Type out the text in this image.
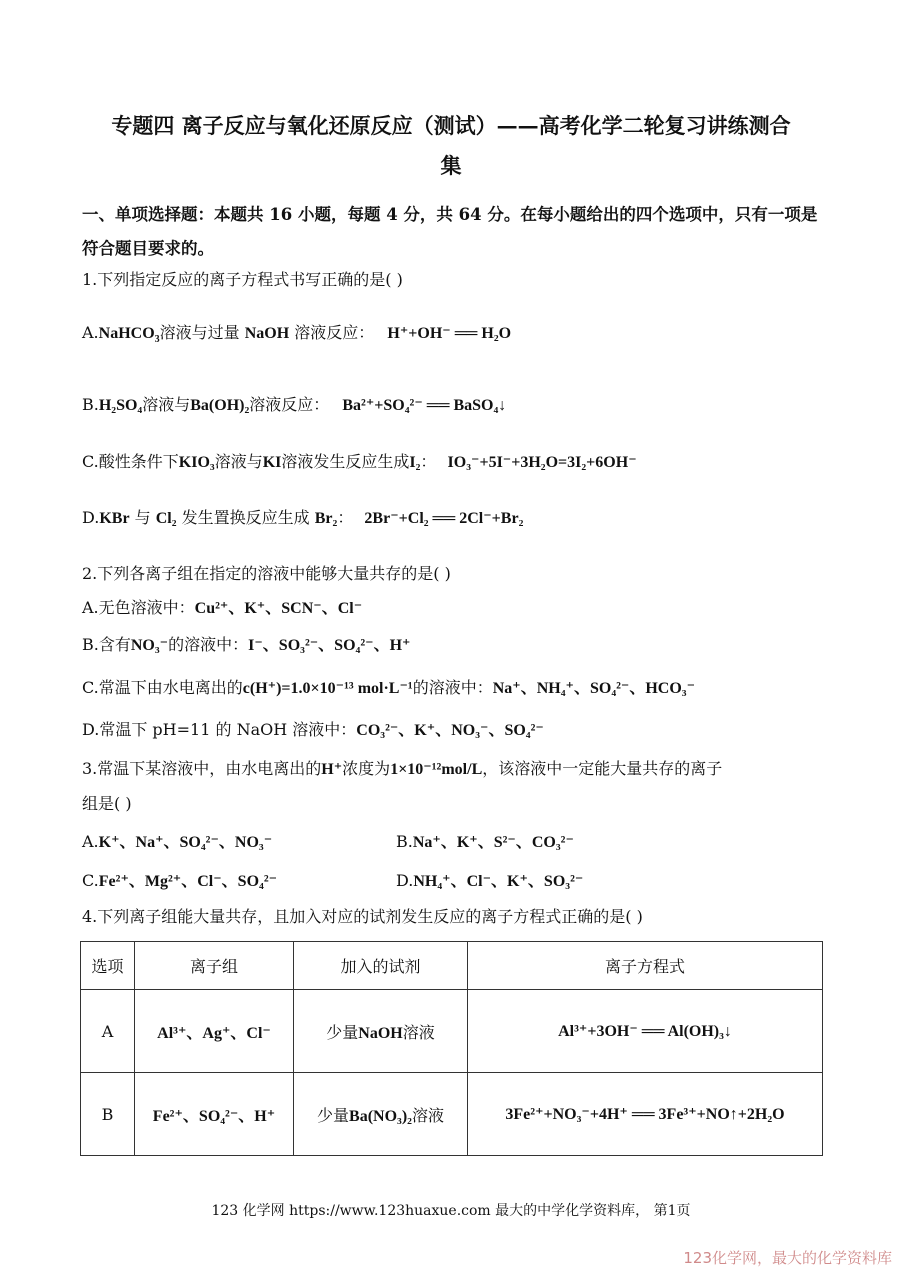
专题四 离子反应与氧化还原反应（测试）——高考化学二轮复习讲练测合
集
一、单项选择题：本题共 16 小题，每题 4 分，共 64 分。在每小题给出的四个选项中，只有一项是符合题目要求的。
1.下列指定反应的离子方程式书写正确的是( )
A.NaHCO$_3$溶液与过量 NaOH 溶液反应： H⁺+OH⁻ ══ H₂O
B.H₂SO₄溶液与Ba(OH)₂溶液反应： Ba²⁺+SO₄²⁻ ══ BaSO₄↓
C.酸性条件下KIO₃溶液与KI溶液发生反应生成I₂： IO₃⁻+5I⁻+3H₂O=3I₂+6OH⁻
D.KBr 与 Cl₂ 发生置换反应生成 Br₂： 2Br⁻+Cl₂ ══ 2Cl⁻+Br₂
2.下列各离子组在指定的溶液中能够大量共存的是( )
A.无色溶液中：Cu²⁺、K⁺、SCN⁻、Cl⁻
B.含有NO₃⁻的溶液中：I⁻、SO₃²⁻、SO₄²⁻、H⁺
C.常温下由水电离出的c(H⁺)=1.0×10⁻¹³ mol·L⁻¹的溶液中：Na⁺、NH₄⁺、SO₄²⁻、HCO₃⁻
D.常温下 pH=11 的 NaOH 溶液中：CO₃²⁻、K⁺、NO₃⁻、SO₄²⁻
3.常温下某溶液中，由水电离出的H⁺浓度为1×10⁻¹²mol/L，该溶液中一定能大量共存的离子
组是( )
A.K⁺、Na⁺、SO₄²⁻、NO₃⁻	B.Na⁺、K⁺、S²⁻、CO₃²⁻
C.Fe²⁺、Mg²⁺、Cl⁻、SO₄²⁻	D.NH₄⁺、Cl⁻、K⁺、SO₃²⁻
4.下列离子组能大量共存，且加入对应的试剂发生反应的离子方程式正确的是( )
选项	离子组	加入的试剂	离子方程式
A	Al³⁺、Ag⁺、Cl⁻	少量NaOH溶液	Al³⁺+3OH⁻ ══ Al(OH)₃↓
B	Fe²⁺、SO₄²⁻、H⁺	少量Ba(NO₃)₂溶液	3Fe²⁺+NO₃⁻+4H⁺ ══ 3Fe³⁺+NO↑+2H₂O
123 化学网 https://www.123huaxue.com 最大的中学化学资料库， 第1页
123化学网，最大的化学资料库
